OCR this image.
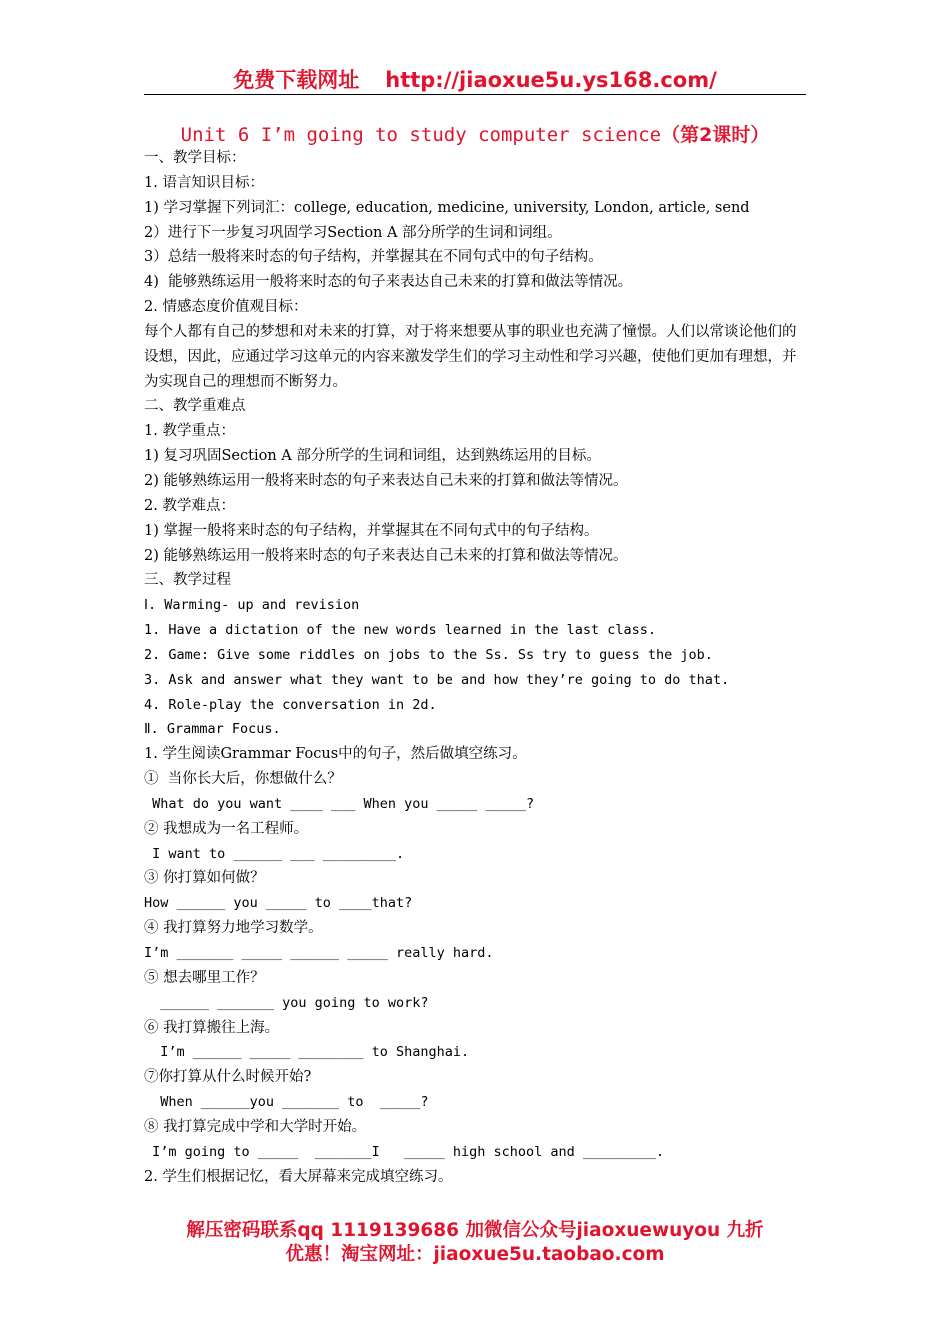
免费下载网址 http://jiaoxue5u.ys168.com/
Unit 6 I’m going to study computer science（第2课时）
一、教学目标：
1. 语言知识目标：
1) 学习掌握下列词汇：college, education, medicine, university, London, article, send
2）进行下一步复习巩固学习Section A 部分所学的生词和词组。
3）总结一般将来时态的句子结构，并掌握其在不同句式中的句子结构。
4)  能够熟练运用一般将来时态的句子来表达自己未来的打算和做法等情况。
2. 情感态度价值观目标：
每个人都有自己的梦想和对未来的打算，对于将来想要从事的职业也充满了憧憬。人们以常谈论他们的设想，因此，应通过学习这单元的内容来激发学生们的学习主动性和学习兴趣，使他们更加有理想，并为实现自己的理想而不断努力。
二、教学重难点
1. 教学重点：
1) 复习巩固Section A 部分所学的生词和词组，达到熟练运用的目标。
2) 能够熟练运用一般将来时态的句子来表达自己未来的打算和做法等情况。
2. 教学难点：
1) 掌握一般将来时态的句子结构，并掌握其在不同句式中的句子结构。
2) 能够熟练运用一般将来时态的句子来表达自己未来的打算和做法等情况。
三、教学过程
Ⅰ. Warming- up and revision
1. Have a dictation of the new words learned in the last class.
2. Game: Give some riddles on jobs to the Ss. Ss try to guess the job.
3. Ask and answer what they want to be and how they’re going to do that.
4. Role-play the conversation in 2d.
Ⅱ. Grammar Focus.
1. 学生阅读Grammar Focus中的句子，然后做填空练习。
①  当你长大后，你想做什么？
What do you want ____ ___ When you _____ _____?
② 我想成为一名工程师。
I want to ______ ___ _________.
③ 你打算如何做？
How ______ you _____ to ____that?
④ 我打算努力地学习数学。
I’m _______ _____ ______ _____ really hard.
⑤ 想去哪里工作？
______ _______ you going to work?
⑥ 我打算搬往上海。
I’m ______ _____ ________ to Shanghai.
⑦你打算从什么时候开始?
When ______you _______ to  _____?
⑧ 我打算完成中学和大学时开始。
I’m going to _____  _______I   _____ high school and _________.
2. 学生们根据记忆，看大屏幕来完成填空练习。
解压密码联系qq 1119139686 加微信公众号jiaoxuewuyou 九折
优惠！淘宝网址：jiaoxue5u.taobao.com
